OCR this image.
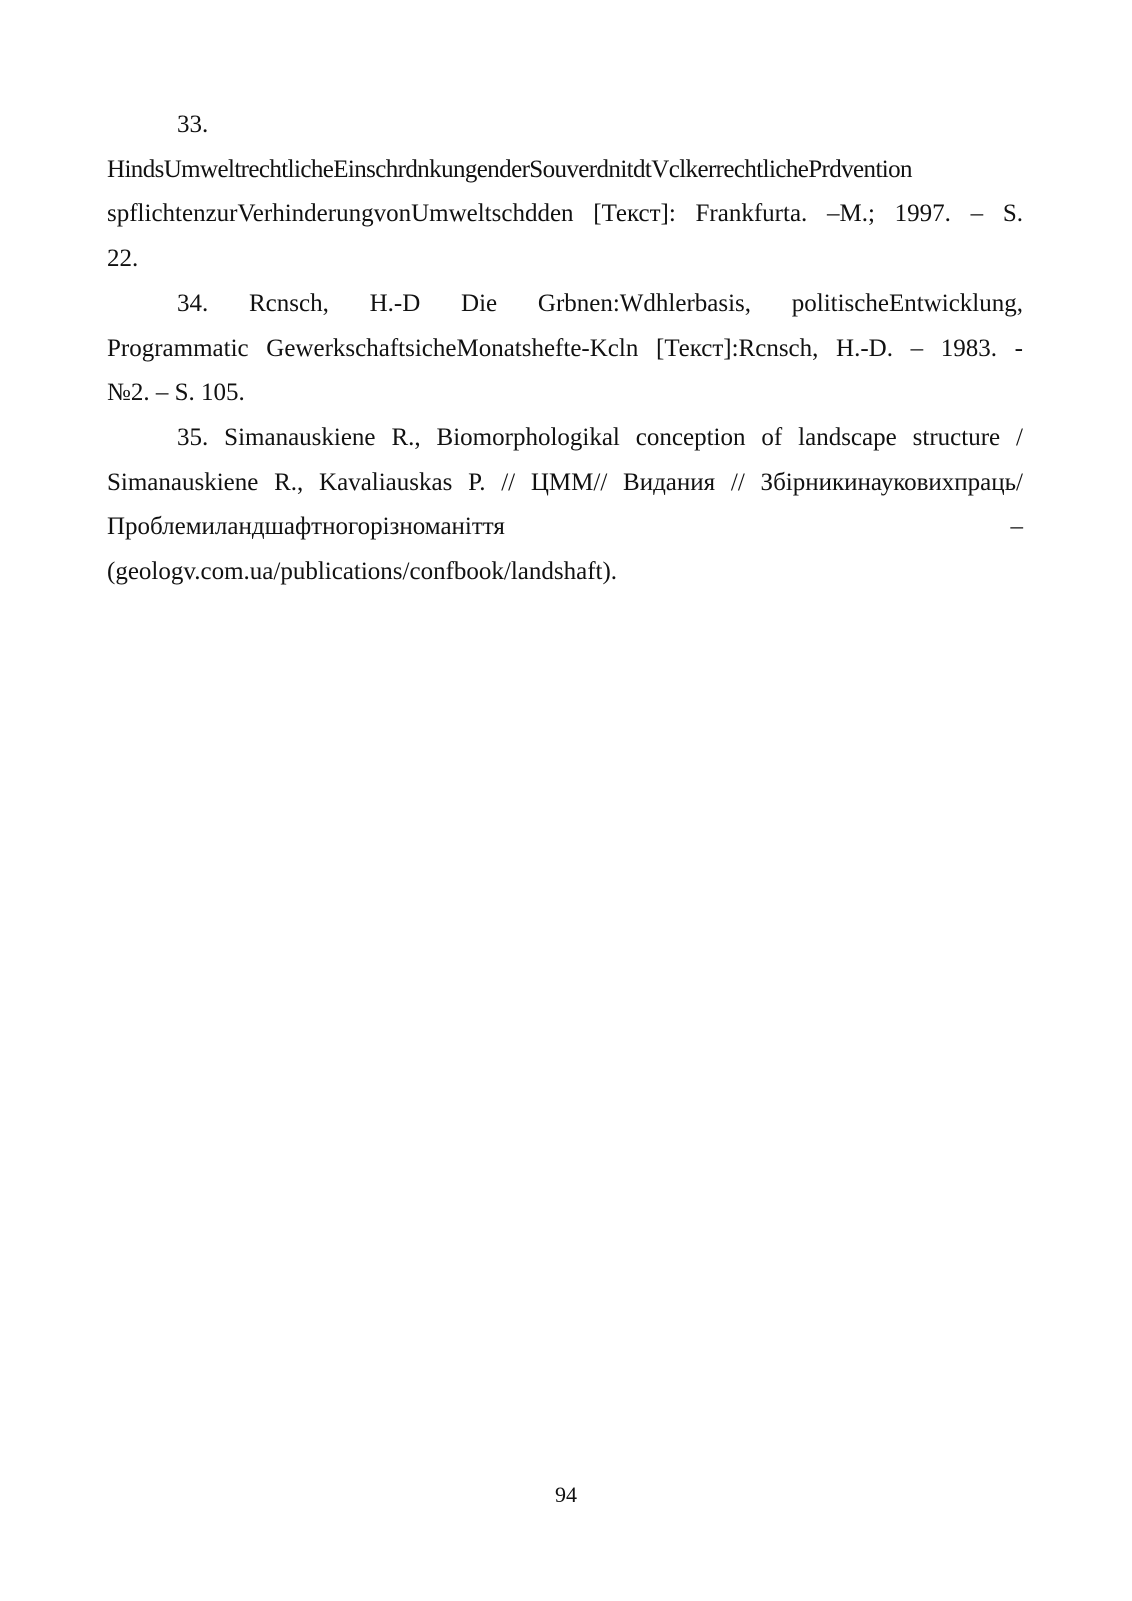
33.
HindsUmweltrechtlicheEinschrdnkungenderSouverdnitdtVclkerrechtlichePrdvention
spflichtenzurVerhinderungvonUmweltschdden [Текст]: Frankfurta. –M.; 1997. – S.
22.
34. Rcnsch, H.-D Die Grbnen:Wdhlerbasis, politischeEntwicklung,
Programmatic GewerkschaftsicheMonatshefte-Kcln [Текст]:Rcnsch, H.-D. – 1983. -
№2. – S. 105.
35. Simanauskiene R., Biomorphologikal conception of landscape structure /
Simanauskiene R., Kavaliauskas P. // ЦММ// Видания // Збірникинауковихпраць/
Проблемиландшафтногорізноманіття –
(geologv.com.ua/publications/confbook/landshaft).
94
